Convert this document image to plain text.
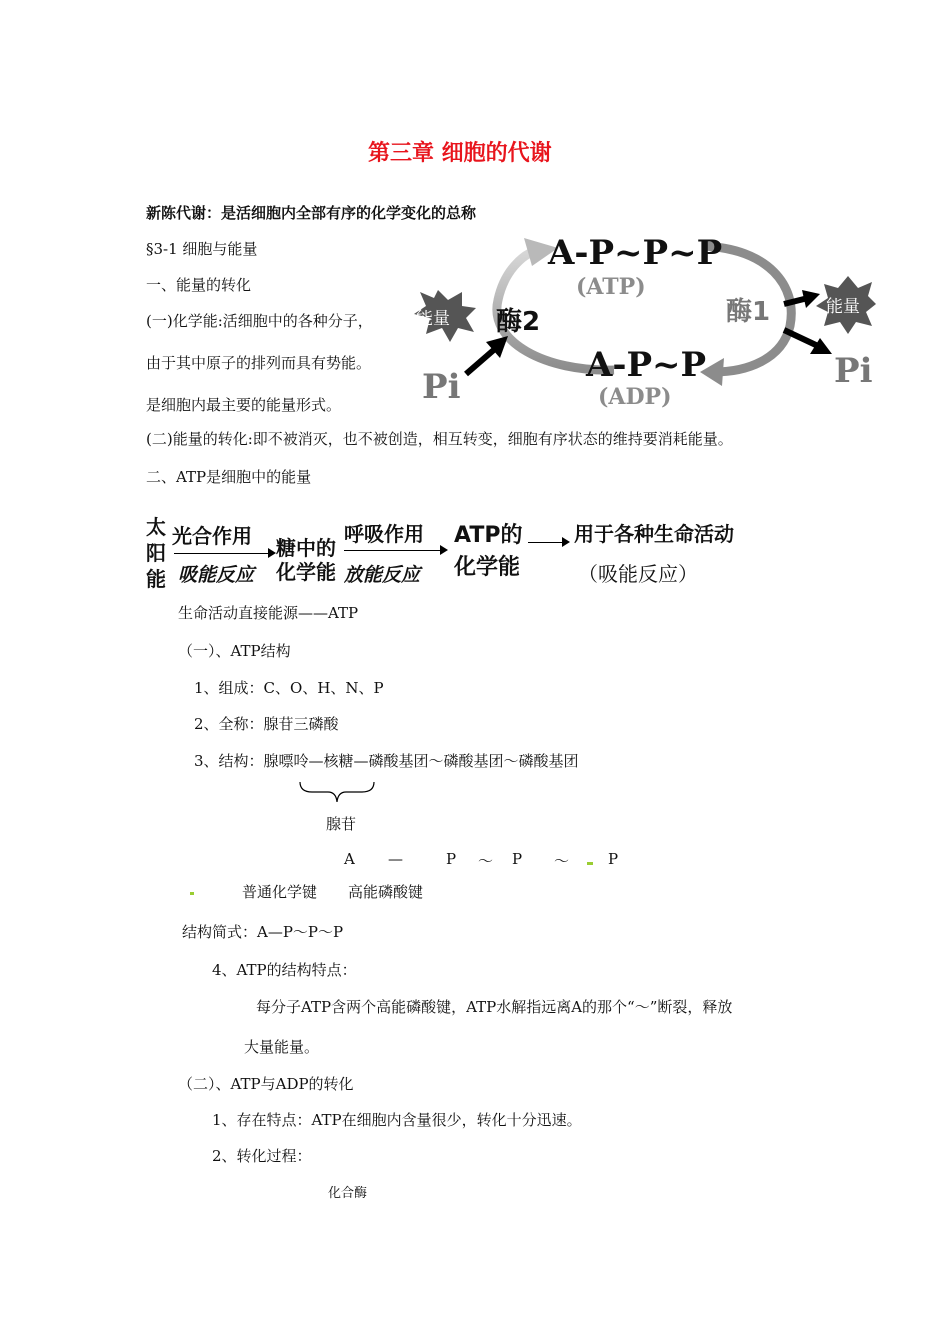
第三章 细胞的代谢
新陈代谢：是活细胞内全部有序的化学变化的总称
§3-1 细胞与能量
一、能量的转化
(一)化学能:活细胞中的各种分子，
由于其中原子的排列而具有势能。
是细胞内最主要的能量形式。
(二)能量的转化:即不被消灭，也不被创造，相互转变，细胞有序状态的维持要消耗能量。
二、ATP是细胞中的能量
A-P~P~P
(ATP)
A-P~P
(ADP)
酶1
酶2
能量
能量
Pi	Pi
太
阳
能
光合作用
吸能反应
糖中的
化学能
呼吸作用
放能反应
ATP的
化学能
用于各种生命活动
（吸能反应）
生命活动直接能源——ATP
（一）、ATP结构
1、组成：C、O、H、N、P
2、全称：腺苷三磷酸
3、结构：腺嘌呤—核糖—磷酸基团～磷酸基团～磷酸基团
腺苷
A —	P ～ P ～	P
普通化学键 高能磷酸键
结构简式：A—P～P～P
4、ATP的结构特点：
每分子ATP含两个高能磷酸键，ATP水解指远离A的那个“～”断裂，释放
大量能量。
（二）、ATP与ADP的转化
1、存在特点：ATP在细胞内含量很少，转化十分迅速。
2、转化过程：
化合酶
